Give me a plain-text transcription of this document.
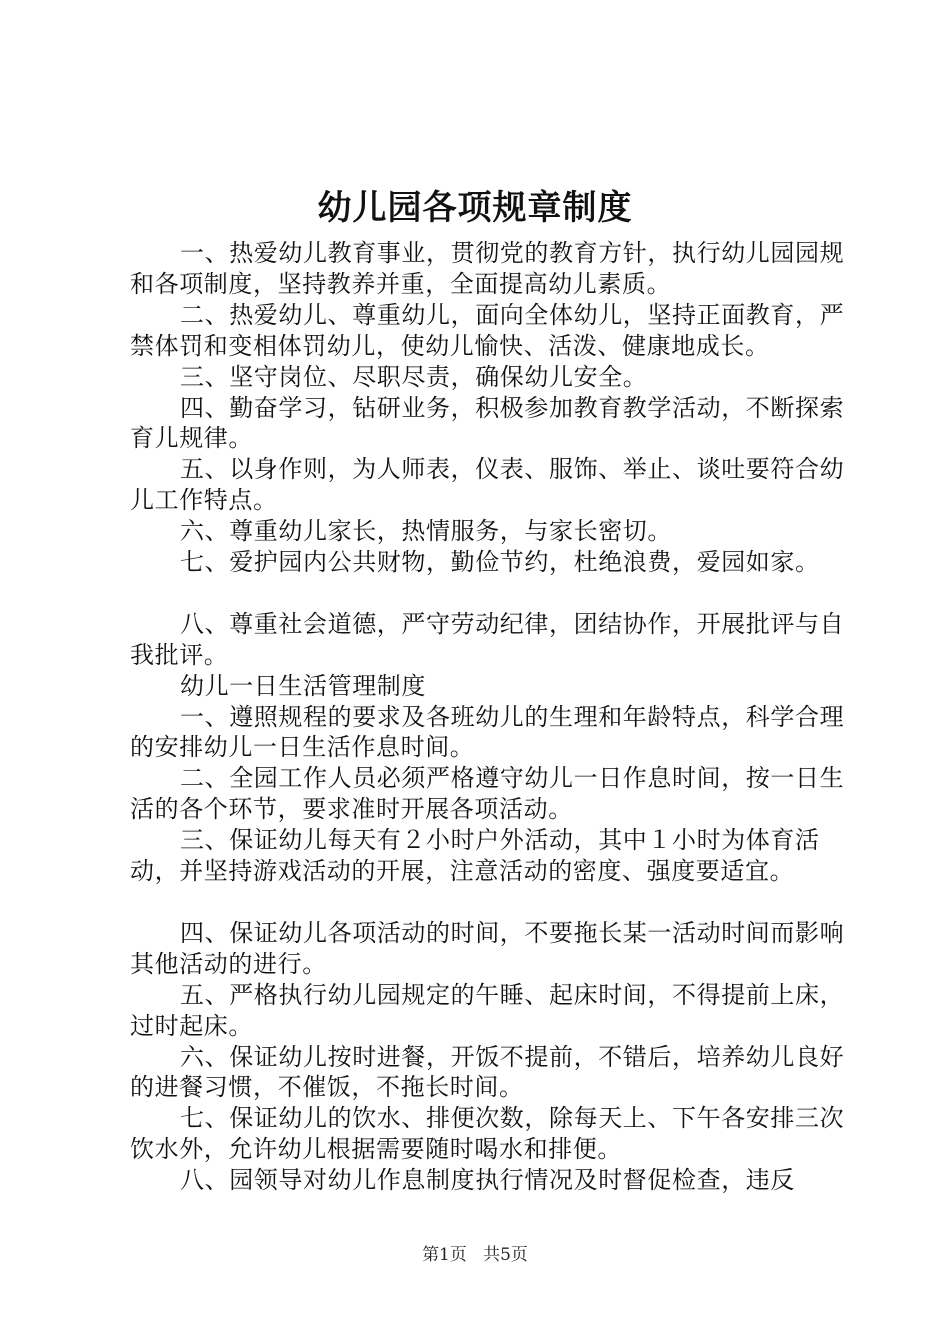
幼儿园各项规章制度

一、热爱幼儿教育事业，贯彻党的教育方针，执行幼儿园园规和各项制度，坚持教养并重，全面提高幼儿素质。

二、热爱幼儿、尊重幼儿，面向全体幼儿，坚持正面教育，严禁体罚和变相体罚幼儿，使幼儿愉快、活泼、健康地成长。

三、坚守岗位、尽职尽责，确保幼儿安全。

四、勤奋学习，钻研业务，积极参加教育教学活动，不断探索育儿规律。

五、以身作则，为人师表，仪表、服饰、举止、谈吐要符合幼儿工作特点。

六、尊重幼儿家长，热情服务，与家长密切。

七、爱护园内公共财物，勤俭节约，杜绝浪费，爱园如家。

八、尊重社会道德，严守劳动纪律，团结协作，开展批评与自我批评。

幼儿一日生活管理制度

一、遵照规程的要求及各班幼儿的生理和年龄特点，科学合理的安排幼儿一日生活作息时间。

二、全园工作人员必须严格遵守幼儿一日作息时间，按一日生活的各个环节，要求准时开展各项活动。

三、保证幼儿每天有２小时户外活动，其中１小时为体育活动，并坚持游戏活动的开展，注意活动的密度、强度要适宜。

四、保证幼儿各项活动的时间，不要拖长某一活动时间而影响其他活动的进行。

五、严格执行幼儿园规定的午睡、起床时间，不得提前上床，过时起床。

六、保证幼儿按时进餐，开饭不提前，不错后，培养幼儿良好的进餐习惯，不催饭，不拖长时间。

七、保证幼儿的饮水、排便次数，除每天上、下午各安排三次饮水外，允许幼儿根据需要随时喝水和排便。

八、园领导对幼儿作息制度执行情况及时督促检查，违反

第1页 共5页
